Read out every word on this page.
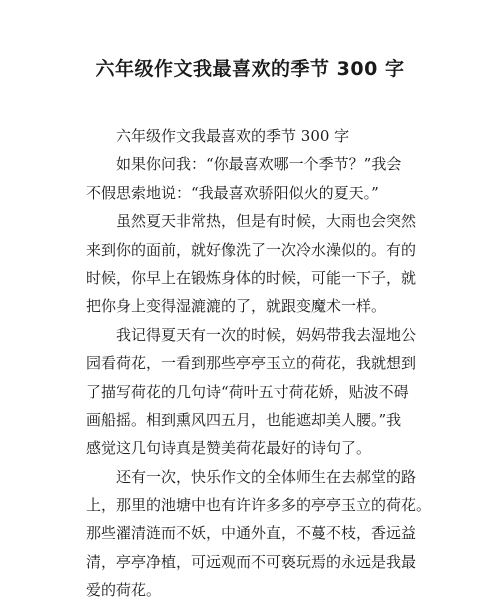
六年级作文我最喜欢的季节 300 字
六年级作文我最喜欢的季节 300 字
如果你问我：“你最喜欢哪一个季节？”我会
不假思索地说：“我最喜欢骄阳似火的夏天。”
虽然夏天非常热，但是有时候，大雨也会突然
来到你的面前，就好像洗了一次冷水澡似的。有的
时候，你早上在锻炼身体的时候，可能一下子，就
把你身上变得湿漉漉的了，就跟变魔术一样。
我记得夏天有一次的时候，妈妈带我去湿地公
园看荷花，一看到那些亭亭玉立的荷花，我就想到
了描写荷花的几句诗“荷叶五寸荷花娇，贴波不碍
画船摇。相到熏风四五月，也能遮却美人腰。”我
感觉这几句诗真是赞美荷花最好的诗句了。
还有一次，快乐作文的全体师生在去郝堂的路
上，那里的池塘中也有许许多多的亭亭玉立的荷花。
那些濯清涟而不妖，中通外直，不蔓不枝，香远益
清，亭亭净植，可远观而不可亵玩焉的永远是我最
爱的荷花。
